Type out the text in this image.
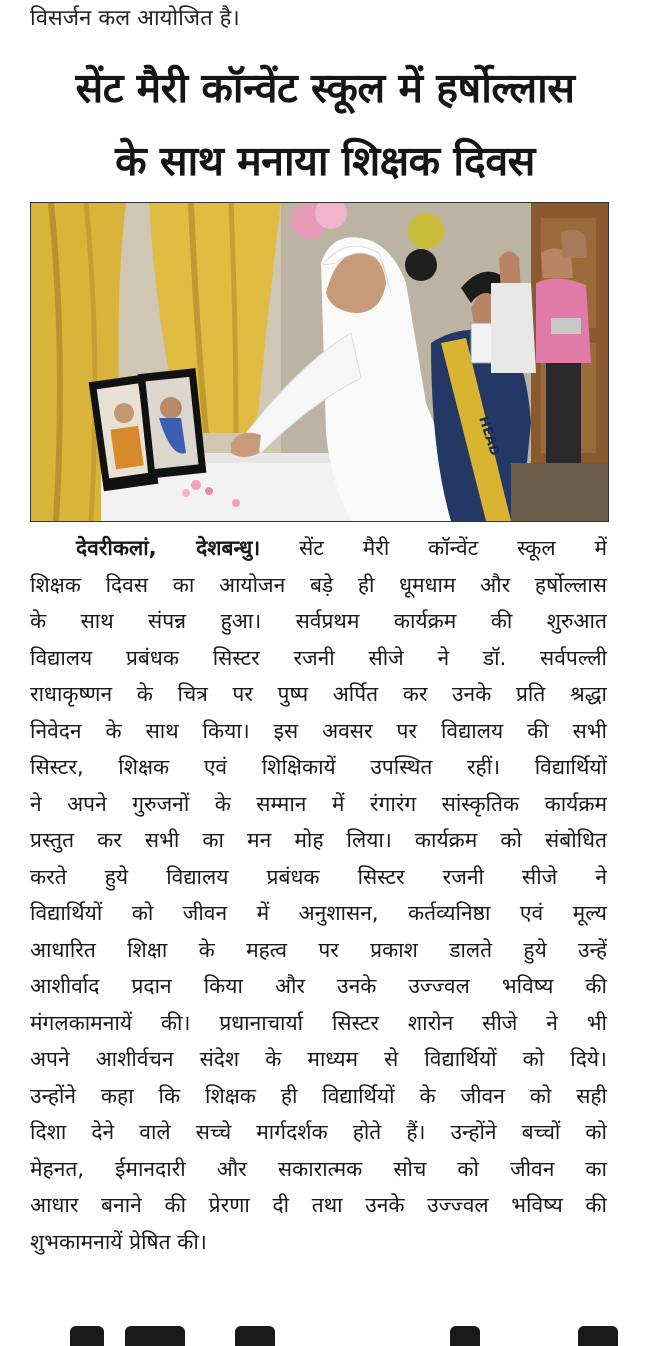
विसर्जन कल आयोजित है।
सेंट मैरी कॉन्वेंट स्कूल में हर्षोल्लास
के साथ मनाया शिक्षक दिवस
HEAD
देवरीकलां, देशबन्धु। सेंट मैरी कॉन्वेंट स्कूल में
शिक्षक दिवस का आयोजन बड़े ही धूमधाम और हर्षोल्लास
के साथ संपन्न हुआ। सर्वप्रथम कार्यक्रम की शुरुआत
विद्यालय प्रबंधक सिस्टर रजनी सीजे ने डॉ. सर्वपल्ली
राधाकृष्णन के चित्र पर पुष्प अर्पित कर उनके प्रति श्रद्धा
निवेदन के साथ किया। इस अवसर पर विद्यालय की सभी
सिस्टर, शिक्षक एवं शिक्षिकायें उपस्थित रहीं। विद्यार्थियों
ने अपने गुरुजनों के सम्मान में रंगारंग सांस्कृतिक कार्यक्रम
प्रस्तुत कर सभी का मन मोह लिया। कार्यक्रम को संबोधित
करते हुये विद्यालय प्रबंधक सिस्टर रजनी सीजे ने
विद्यार्थियों को जीवन में अनुशासन, कर्तव्यनिष्ठा एवं मूल्य
आधारित शिक्षा के महत्व पर प्रकाश डालते हुये उन्हें
आशीर्वाद प्रदान किया और उनके उज्ज्वल भविष्य की
मंगलकामनायें की। प्रधानाचार्या सिस्टर शारोन सीजे ने भी
अपने आशीर्वचन संदेश के माध्यम से विद्यार्थियों को दिये।
उन्होंने कहा कि शिक्षक ही विद्यार्थियों के जीवन को सही
दिशा देने वाले सच्चे मार्गदर्शक होते हैं। उन्होंने बच्चों को
मेहनत, ईमानदारी और सकारात्मक सोच को जीवन का
आधार बनाने की प्रेरणा दी तथा उनके उज्ज्वल भविष्य की
शुभकामनायें प्रेषित की।
